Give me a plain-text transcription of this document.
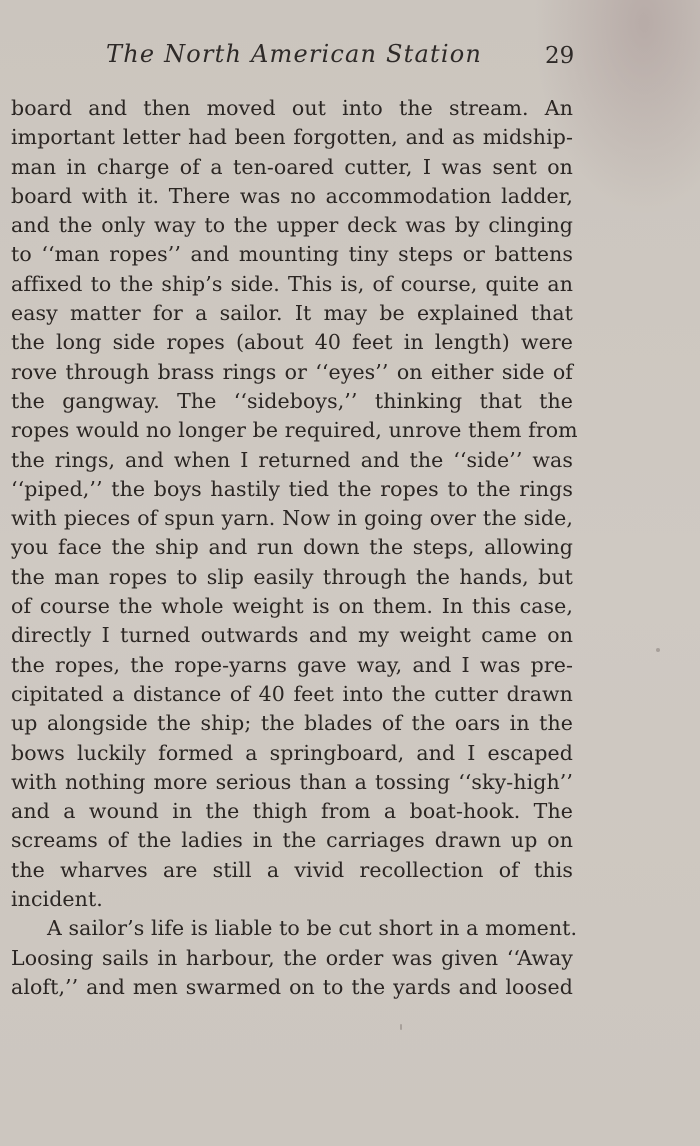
The North American Station	29
board and then moved out into the stream. An
important letter had been forgotten, and as midship-
man in charge of a ten-oared cutter, I was sent on
board with it. There was no accommodation ladder,
and the only way to the upper deck was by clinging
to ‘‘man ropes’’ and mounting tiny steps or battens
affixed to the ship’s side. This is, of course, quite an
easy matter for a sailor. It may be explained that
the long side ropes (about 40 feet in length) were
rove through brass rings or ‘‘eyes’’ on either side of
the gangway. The ‘‘sideboys,’’ thinking that the
ropes would no longer be required, unrove them from
the rings, and when I returned and the ‘‘side’’ was
‘‘piped,’’ the boys hastily tied the ropes to the rings
with pieces of spun yarn. Now in going over the side,
you face the ship and run down the steps, allowing
the man ropes to slip easily through the hands, but
of course the whole weight is on them. In this case,
directly I turned outwards and my weight came on
the ropes, the rope-yarns gave way, and I was pre-
cipitated a distance of 40 feet into the cutter drawn
up alongside the ship; the blades of the oars in the
bows luckily formed a springboard, and I escaped
with nothing more serious than a tossing ‘‘sky-high’’
and a wound in the thigh from a boat-hook. The
screams of the ladies in the carriages drawn up on
the wharves are still a vivid recollection of this
incident.
A sailor’s life is liable to be cut short in a moment.
Loosing sails in harbour, the order was given ‘‘Away
aloft,’’ and men swarmed on to the yards and loosed
